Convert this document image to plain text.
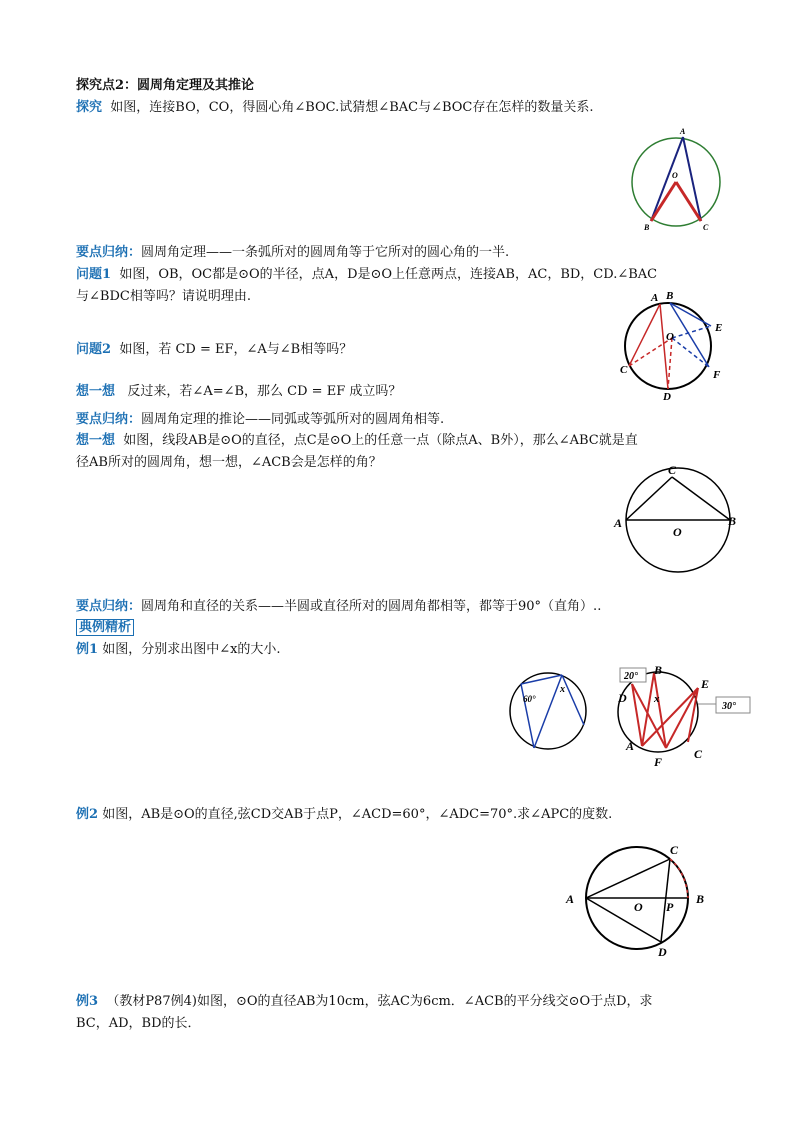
探究点2：圆周角定理及其推论
探究 如图，连接BO，CO，得圆心角∠BOC.试猜想∠BAC与∠BOC存在怎样的数量关系.
要点归纳：圆周角定理——一条弧所对的圆周角等于它所对的圆心角的一半.
问题1 如图，OB，OC都是⊙O的半径，点A，D是⊙O上任意两点，连接AB，AC，BD，CD.∠BAC
与∠BDC相等吗？请说明理由.
问题2 如图，若 CD = EF，∠A与∠B相等吗？
想一想 反过来，若∠A=∠B，那么 CD = EF 成立吗？
要点归纳：圆周角定理的推论——同弧或等弧所对的圆周角相等.
想一想 如图，线段AB是⊙O的直径，点C是⊙O上的任意一点（除点A、B外），那么∠ABC就是直
径AB所对的圆周角，想一想，∠ACB会是怎样的角？
要点归纳：圆周角和直径的关系——半圆或直径所对的圆周角都相等，都等于90°（直角）..
典例精析
例1 如图，分别求出图中∠x的大小.
例2 如图，AB是⊙O的直径,弦CD交AB于点P，∠ACD=60°，∠ADC=70°.求∠APC的度数.
例3 （教材P87例4)如图，⊙O的直径AB为10cm，弦AC为6cm．∠ACB的平分线交⊙O于点D，求
BC，AD，BD的长．
A
O
B	C
A B
O
E
C	F
D
C
A
O
B
60°
x
20°
30°
B
E
D x
A
C
F
C
A
O P
B
D
